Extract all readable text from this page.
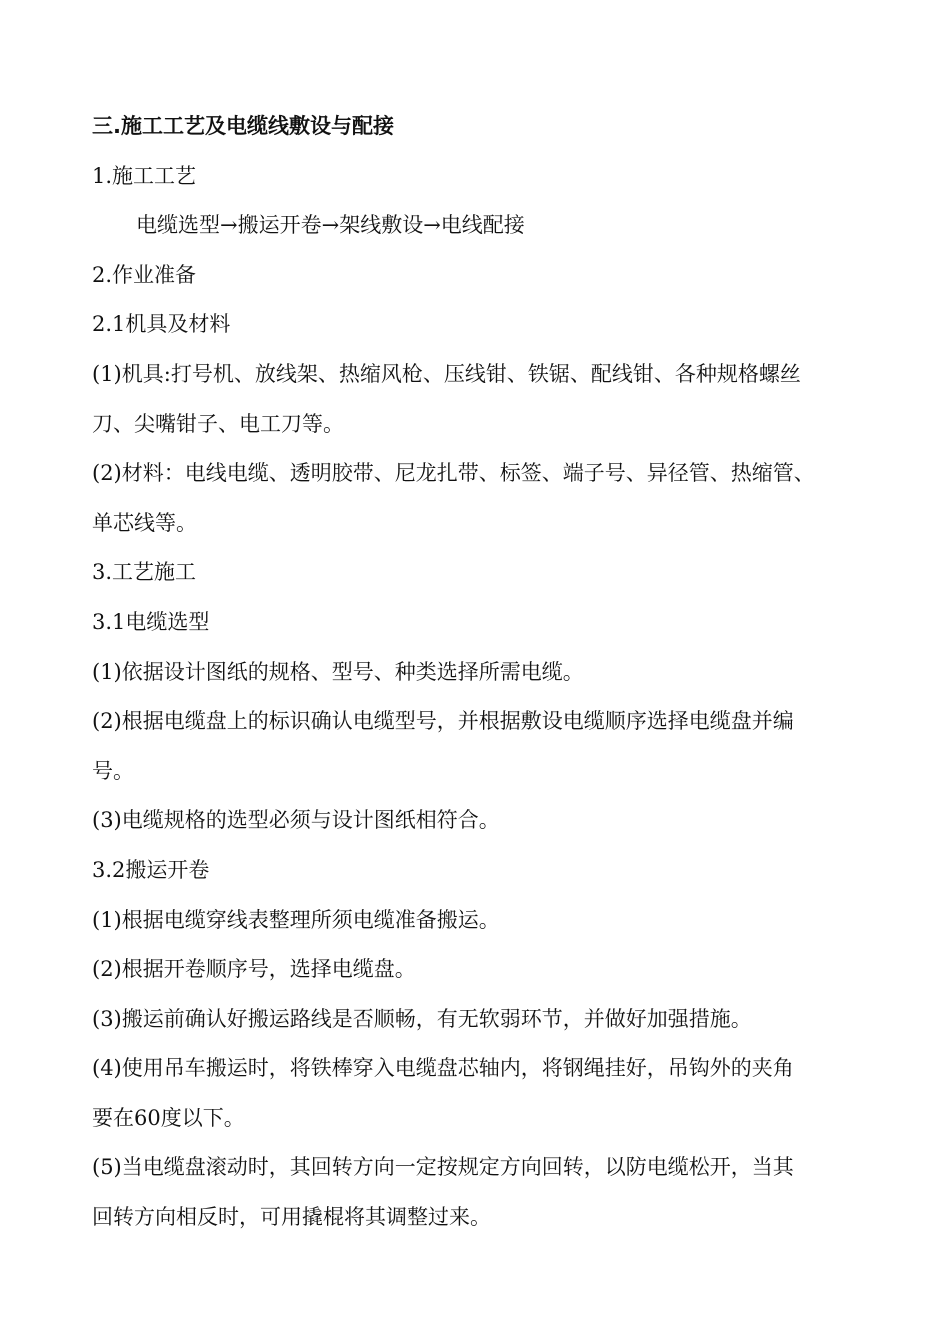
三.施工工艺及电缆线敷设与配接
1.施工工艺
电缆选型→搬运开卷→架线敷设→电线配接
2.作业准备
2.1机具及材料
(1)机具:打号机、放线架、热缩风枪、压线钳、铁锯、配线钳、各种规格螺丝
刀、尖嘴钳子、电工刀等。
(2)材料：电线电缆、透明胶带、尼龙扎带、标签、端子号、异径管、热缩管、
单芯线等。
3.工艺施工
3.1电缆选型
(1)依据设计图纸的规格、型号、种类选择所需电缆。
(2)根据电缆盘上的标识确认电缆型号，并根据敷设电缆顺序选择电缆盘并编
号。
(3)电缆规格的选型必须与设计图纸相符合。
3.2搬运开卷
(1)根据电缆穿线表整理所须电缆准备搬运。
(2)根据开卷顺序号，选择电缆盘。
(3)搬运前确认好搬运路线是否顺畅，有无软弱环节，并做好加强措施。
(4)使用吊车搬运时，将铁棒穿入电缆盘芯轴内，将钢绳挂好，吊钩外的夹角
要在60度以下。
(5)当电缆盘滚动时，其回转方向一定按规定方向回转，以防电缆松开，当其
回转方向相反时，可用撬棍将其调整过来。
